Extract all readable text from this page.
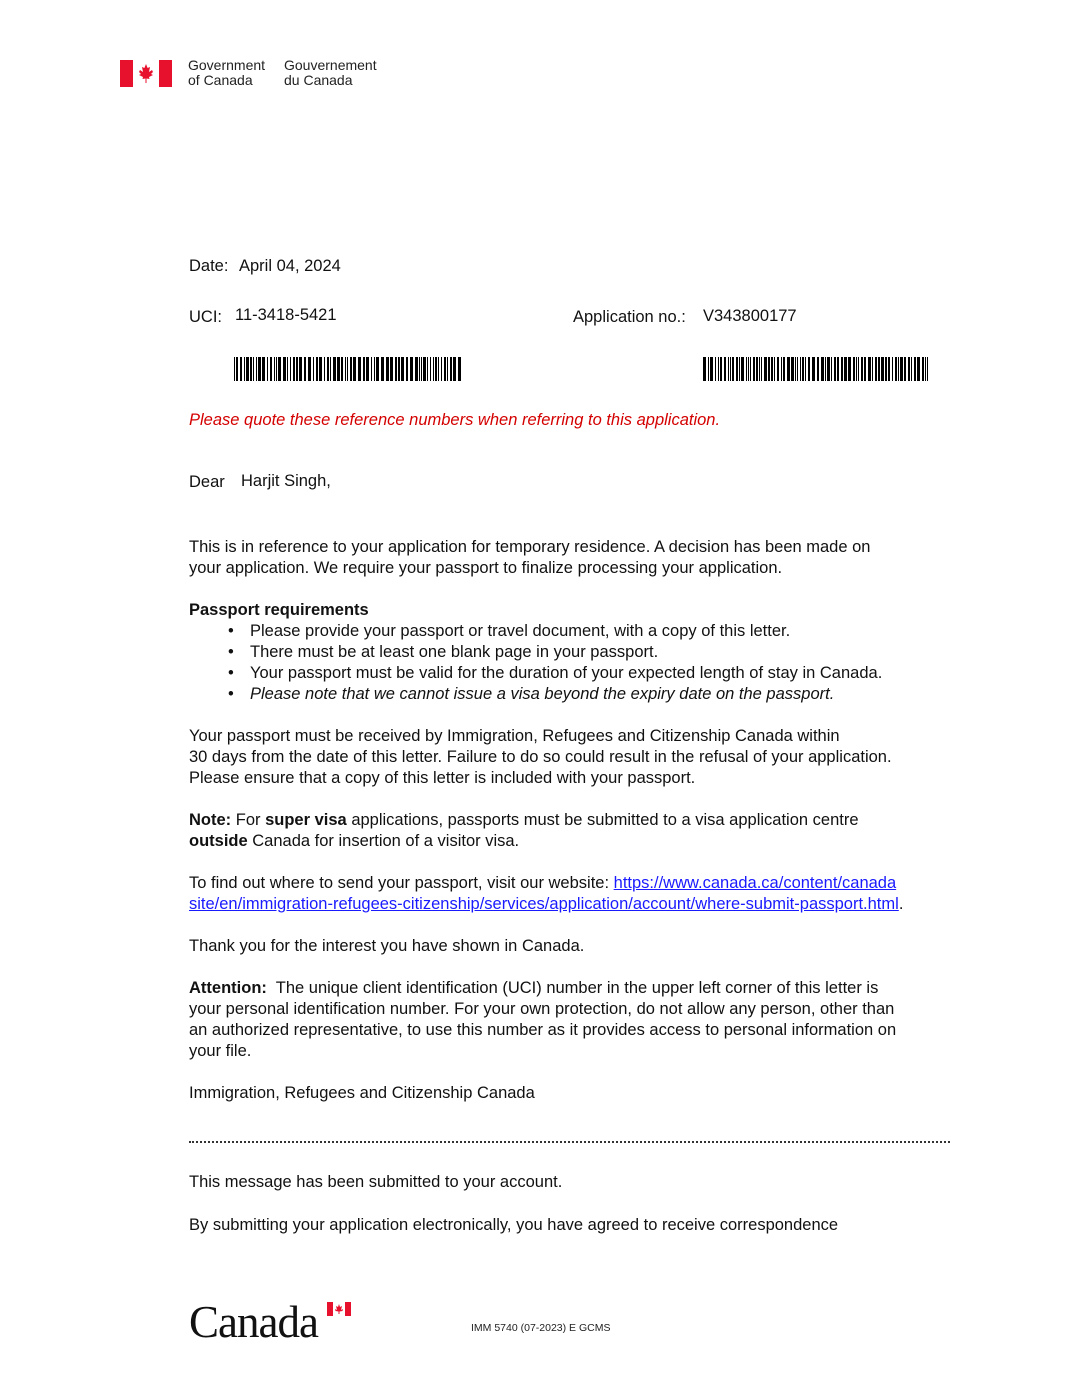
Government
of Canada
Gouvernement
du Canada
Date: April 04, 2024
UCI: 11-3418-5421	Application no.: V343800177
Please quote these reference numbers when referring to this application.
Dear Harjit Singh,
This is in reference to your application for temporary residence. A decision has been made on
your application. We require your passport to finalize processing your application.
Passport requirements
• Please provide your passport or travel document, with a copy of this letter.
• There must be at least one blank page in your passport.
• Your passport must be valid for the duration of your expected length of stay in Canada.
• Please note that we cannot issue a visa beyond the expiry date on the passport.
Your passport must be received by Immigration, Refugees and Citizenship Canada within
30 days from the date of this letter. Failure to do so could result in the refusal of your application.
Please ensure that a copy of this letter is included with your passport.
Note: For super visa applications, passports must be submitted to a visa application centre
outside Canada for insertion of a visitor visa.
To find out where to send your passport, visit our website: https://www.canada.ca/content/canada
site/en/immigration-refugees-citizenship/services/application/account/where-submit-passport.html.
Thank you for the interest you have shown in Canada.
Attention:  The unique client identification (UCI) number in the upper left corner of this letter is
your personal identification number. For your own protection, do not allow any person, other than
an authorized representative, to use this number as it provides access to personal information on
your file.
Immigration, Refugees and Citizenship Canada
This message has been submitted to your account.
By submitting your application electronically, you have agreed to receive correspondence
Canada	IMM 5740 (07-2023) E GCMS
